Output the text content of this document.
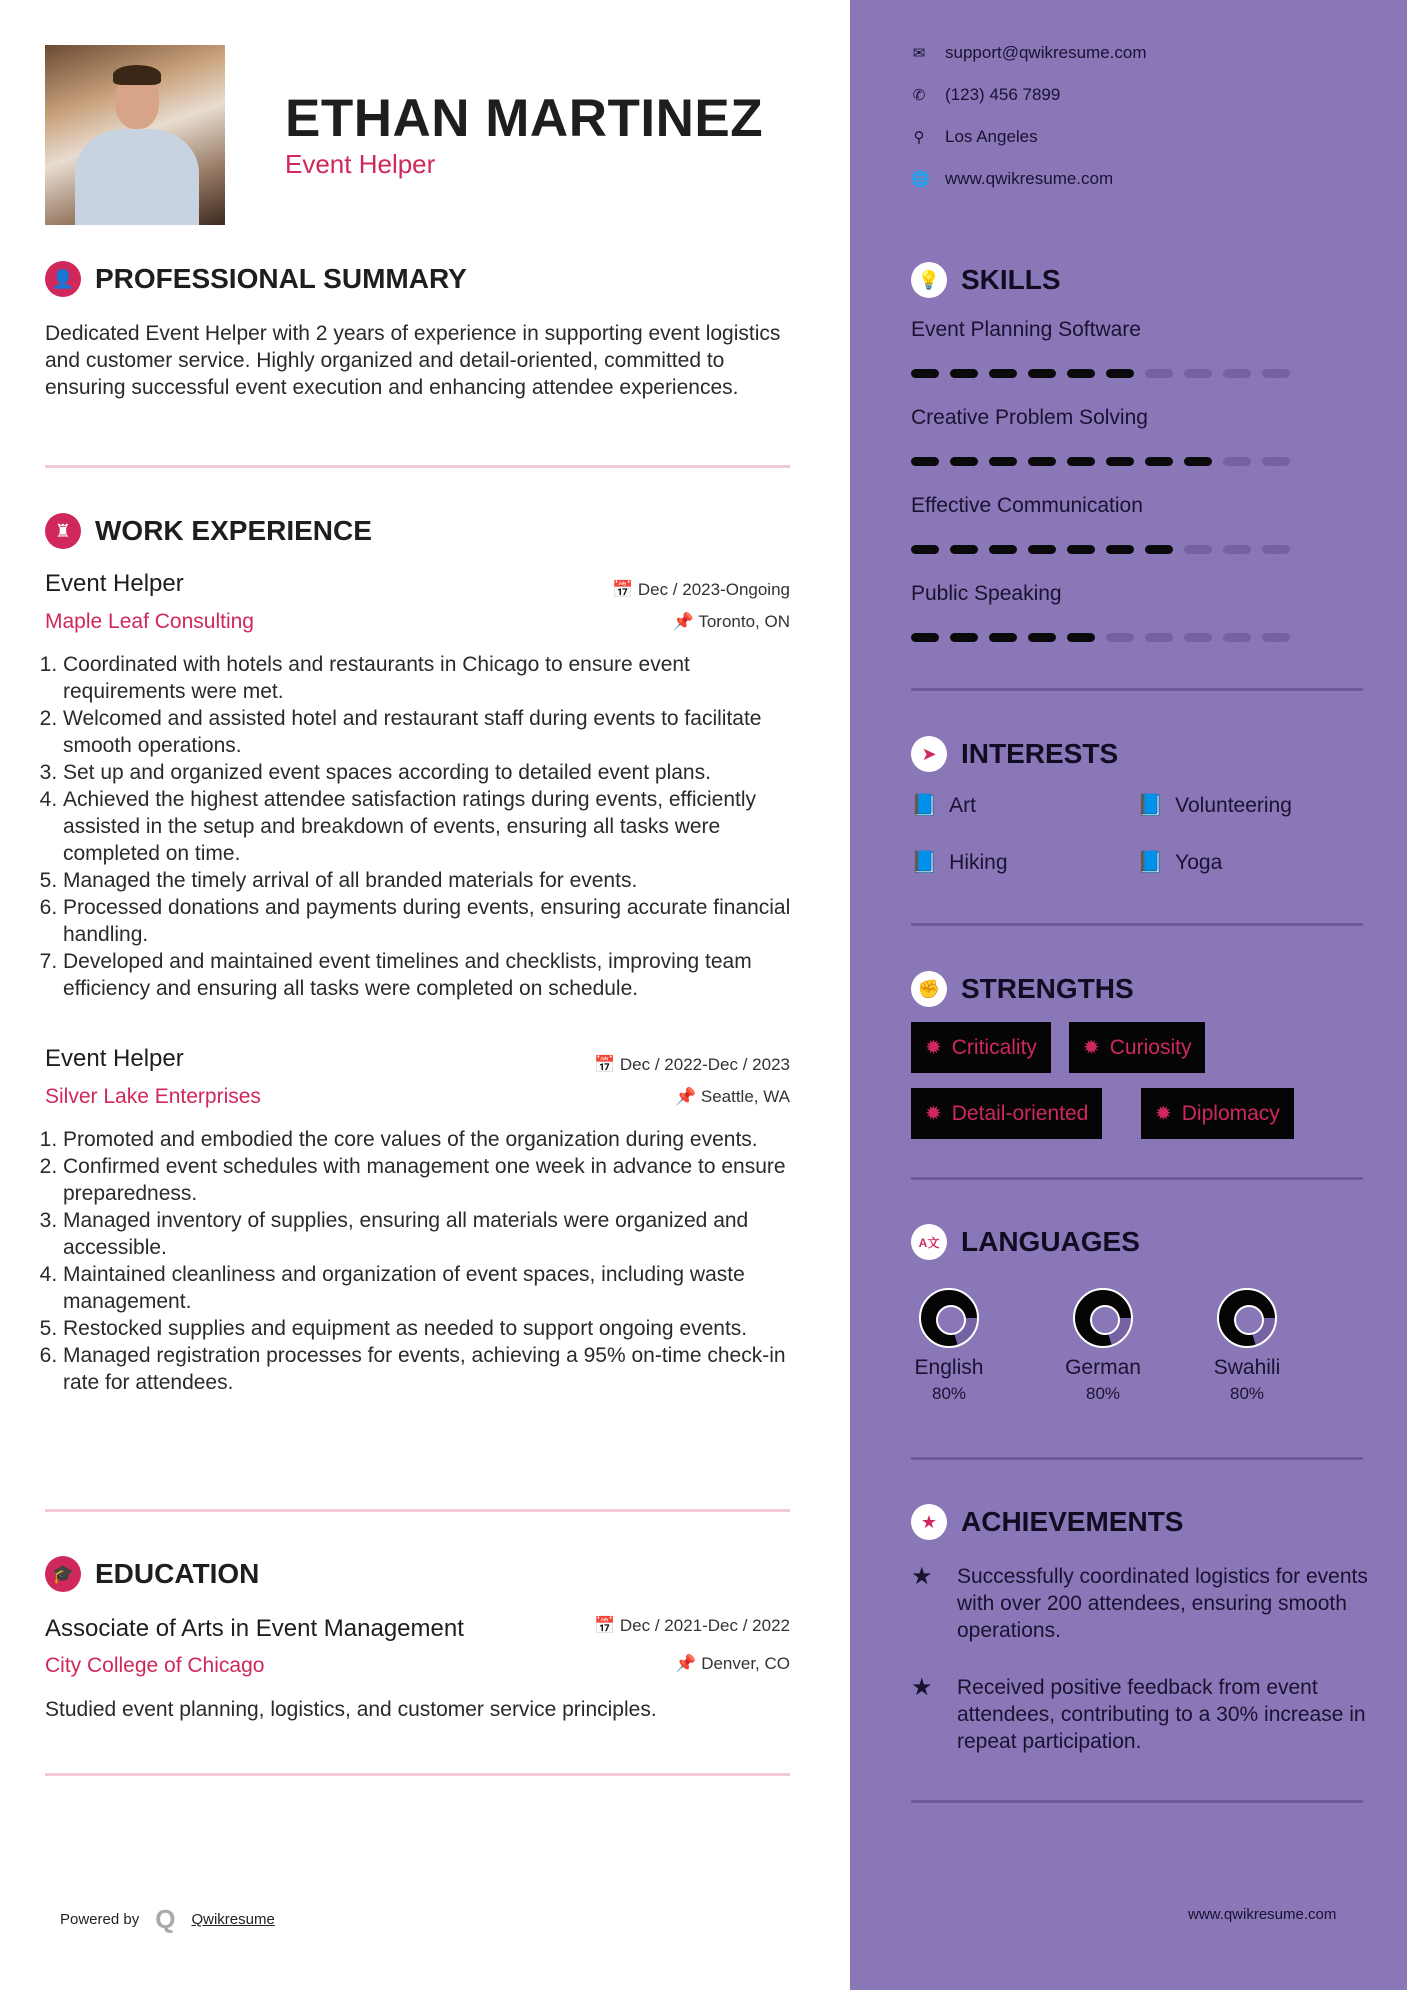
ETHAN MARTINEZ
Event Helper
👤 PROFESSIONAL SUMMARY
Dedicated Event Helper with 2 years of experience in supporting event logistics and customer service. Highly organized and detail-oriented, committed to ensuring successful event execution and enhancing attendee experiences.
♜ WORK EXPERIENCE
Event Helper	📅 Dec / 2023-Ongoing
Maple Leaf Consulting	📌 Toronto, ON
1. Coordinated with hotels and restaurants in Chicago to ensure event requirements were met.
2. Welcomed and assisted hotel and restaurant staff during events to facilitate smooth operations.
3. Set up and organized event spaces according to detailed event plans.
4. Achieved the highest attendee satisfaction ratings during events, efficiently assisted in the setup and breakdown of events, ensuring all tasks were completed on time.
5. Managed the timely arrival of all branded materials for events.
6. Processed donations and payments during events, ensuring accurate financial handling.
7. Developed and maintained event timelines and checklists, improving team efficiency and ensuring all tasks were completed on schedule.
Event Helper	📅 Dec / 2022-Dec / 2023
Silver Lake Enterprises	📌 Seattle, WA
1. Promoted and embodied the core values of the organization during events.
2. Confirmed event schedules with management one week in advance to ensure preparedness.
3. Managed inventory of supplies, ensuring all materials were organized and accessible.
4. Maintained cleanliness and organization of event spaces, including waste management.
5. Restocked supplies and equipment as needed to support ongoing events.
6. Managed registration processes for events, achieving a 95% on-time check-in rate for attendees.
🎓 EDUCATION
Associate of Arts in Event Management	📅 Dec / 2021-Dec / 2022
City College of Chicago	📌 Denver, CO
Studied event planning, logistics, and customer service principles.
Powered by Q Qwikresume
✉ support@qwikresume.com
✆ (123) 456 7899
⚲ Los Angeles
🌐 www.qwikresume.com
💡 SKILLS
Event Planning Software
Creative Problem Solving
Effective Communication
Public Speaking
➤ INTERESTS
📘 Art	📘 Volunteering
📘 Hiking	📘 Yoga
✊ STRENGTHS
✹ Criticality ✹ Curiosity
✹ Detail-oriented	✹ Diplomacy
A文 LANGUAGES
English
80%
German
80%
Swahili
80%
★ ACHIEVEMENTS
★	Successfully coordinated logistics for events with over 200 attendees, ensuring smooth operations.
★	Received positive feedback from event attendees, contributing to a 30% increase in repeat participation.
www.qwikresume.com
